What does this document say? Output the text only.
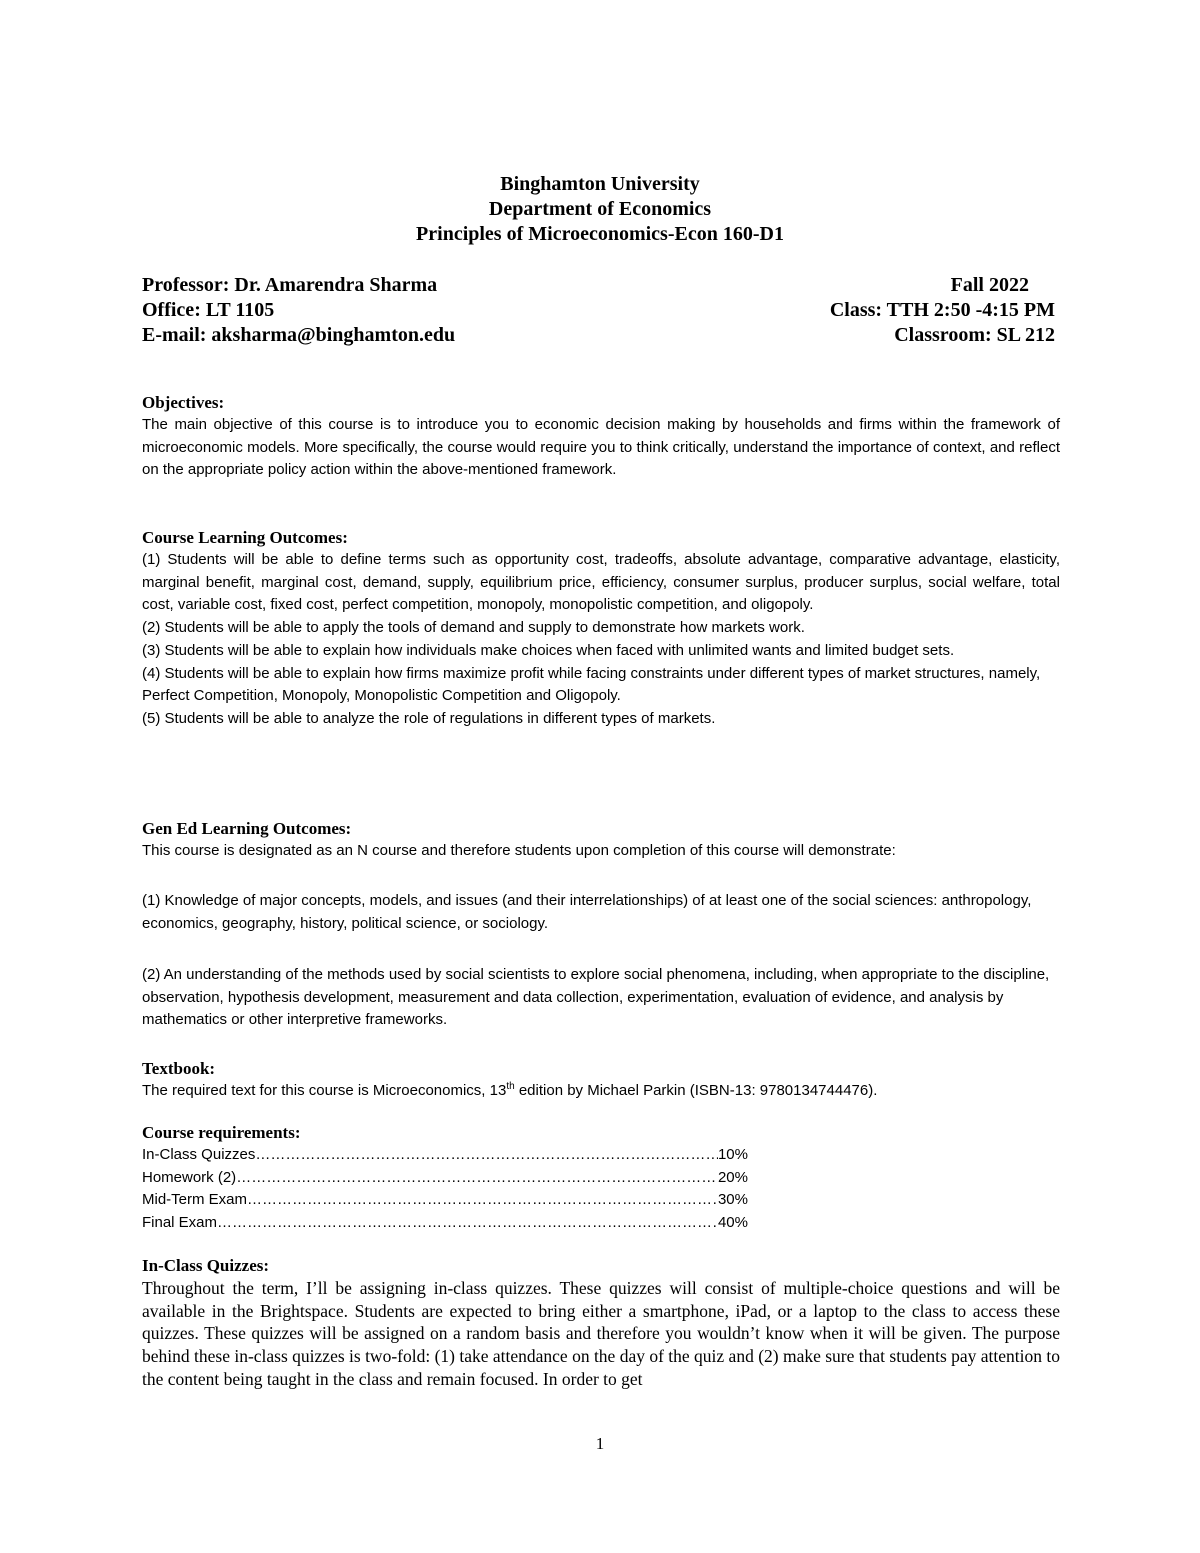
Binghamton University
Department of Economics
Principles of Microeconomics-Econ 160-D1
Professor: Dr. Amarendra Sharma	Fall 2022
Office: LT 1105	Class: TTH 2:50 -4:15 PM
E-mail: aksharma@binghamton.edu	Classroom: SL 212
Objectives:
The main objective of this course is to introduce you to economic decision making by households and firms within the framework of microeconomic models. More specifically, the course would require you to think critically, understand the importance of context, and reflect on the appropriate policy action within the above-mentioned framework.
Course Learning Outcomes:
(1) Students will be able to define terms such as opportunity cost, tradeoffs, absolute advantage, comparative advantage, elasticity, marginal benefit, marginal cost, demand, supply, equilibrium price, efficiency, consumer surplus, producer surplus, social welfare, total cost, variable cost, fixed cost, perfect competition, monopoly, monopolistic competition, and oligopoly.
(2) Students will be able to apply the tools of demand and supply to demonstrate how markets work.
(3) Students will be able to explain how individuals make choices when faced with unlimited wants and limited budget sets.
(4) Students will be able to explain how firms maximize profit while facing constraints under different types of market structures, namely, Perfect Competition, Monopoly, Monopolistic Competition and Oligopoly.
(5) Students will be able to analyze the role of regulations in different types of markets.
Gen Ed Learning Outcomes:
This course is designated as an N course and therefore students upon completion of this course will demonstrate:
(1) Knowledge of major concepts, models, and issues (and their interrelationships) of at least one of the social sciences: anthropology, economics, geography, history, political science, or sociology.
(2) An understanding of the methods used by social scientists to explore social phenomena, including, when appropriate to the discipline, observation, hypothesis development, measurement and data collection, experimentation, evaluation of evidence, and analysis by mathematics or other interpretive frameworks.
Textbook:
The required text for this course is Microeconomics, 13th edition by Michael Parkin (ISBN-13: 9780134744476).
Course requirements:
In-Class Quizzes ………………………………………………………………………………………………………………………………………………	10%
Homework (2) ………………………………………………………………………………………………………………………………………………	20%
Mid-Term Exam ………………………………………………………………………………………………………………………………………………	30%
Final Exam ………………………………………………………………………………………………………………………………………………	40%
In-Class Quizzes:
Throughout the term, I’ll be assigning in-class quizzes. These quizzes will consist of multiple-choice questions and will be available in the Brightspace. Students are expected to bring either a smartphone, iPad, or a laptop to the class to access these quizzes. These quizzes will be assigned on a random basis and therefore you wouldn’t know when it will be given. The purpose behind these in-class quizzes is two-fold: (1) take attendance on the day of the quiz and (2) make sure that students pay attention to the content being taught in the class and remain focused. In order to get
1
